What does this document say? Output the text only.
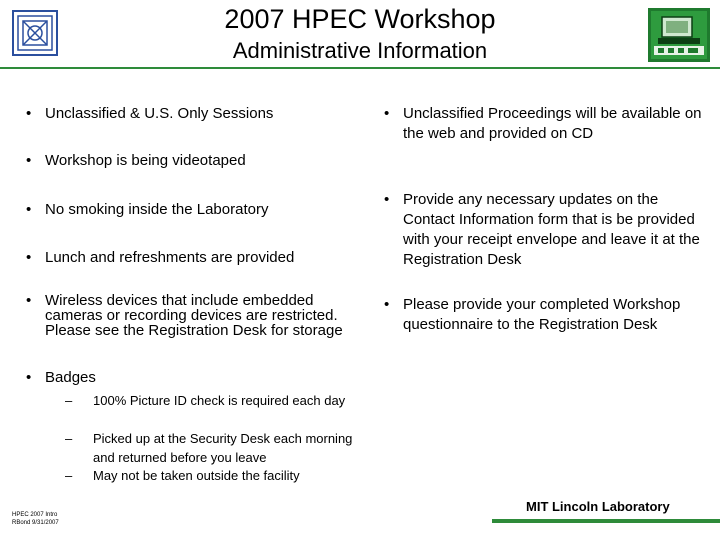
2007 HPEC Workshop
Administrative Information
• Unclassified & U.S. Only Sessions
• Workshop is being videotaped
• No smoking inside the Laboratory
• Lunch and refreshments are provided
• Wireless devices that include embedded cameras or recording devices are restricted. Please see the Registration Desk for storage
• Badges
– 100% Picture ID check is required each day
– Picked up at the Security Desk each morning and returned before you leave
– May not be taken outside the facility
• Unclassified Proceedings will be available on the web and provided on CD
• Provide any necessary updates on the Contact Information form that is be provided with your receipt envelope and leave it at the Registration Desk
• Please provide your completed Workshop questionnaire to the Registration Desk
HPEC 2007 Intro
RBond 9/31/2007
MIT Lincoln Laboratory
